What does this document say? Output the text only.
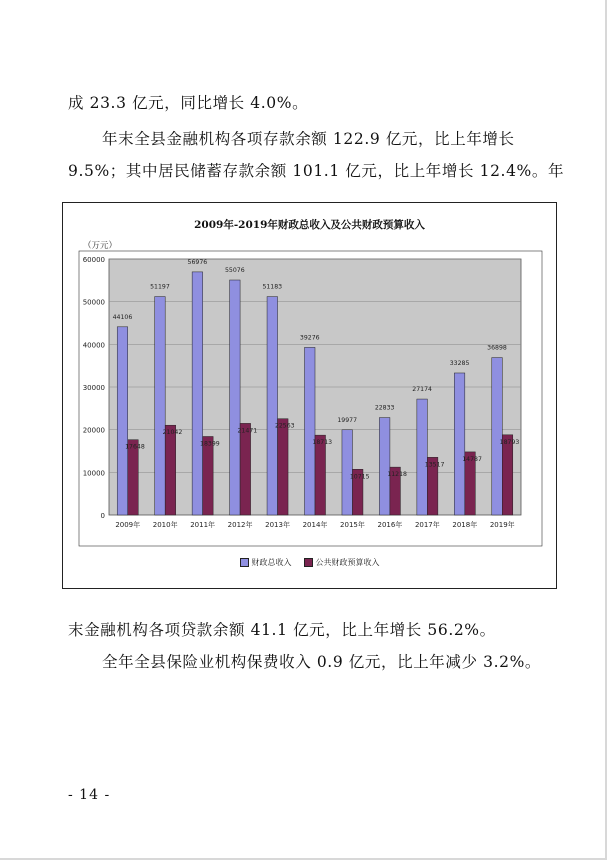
成 23.3 亿元，同比增长 4.0%。
年末全县金融机构各项存款余额 122.9 亿元，比上年增长
9.5%；其中居民储蓄存款余额 101.1 亿元，比上年增长 12.4%。年
2009年-2019年财政总收入及公共财政预算收入
（万元）
0
10000
20000
30000
40000
50000
60000
44106
17648
2009年
51197
21042
2010年
56976
18399
2011年
55076
21471
2012年
51183
22563
2013年
39276
18713
2014年
19977
10715
2015年
22833
11218
2016年
27174
13517
2017年
33285
14787
2018年
36898
18793
2019年
财政总收入	公共财政预算收入
末金融机构各项贷款余额 41.1 亿元，比上年增长 56.2%。
全年全县保险业机构保费收入 0.9 亿元，比上年减少 3.2%。
- 14 -
